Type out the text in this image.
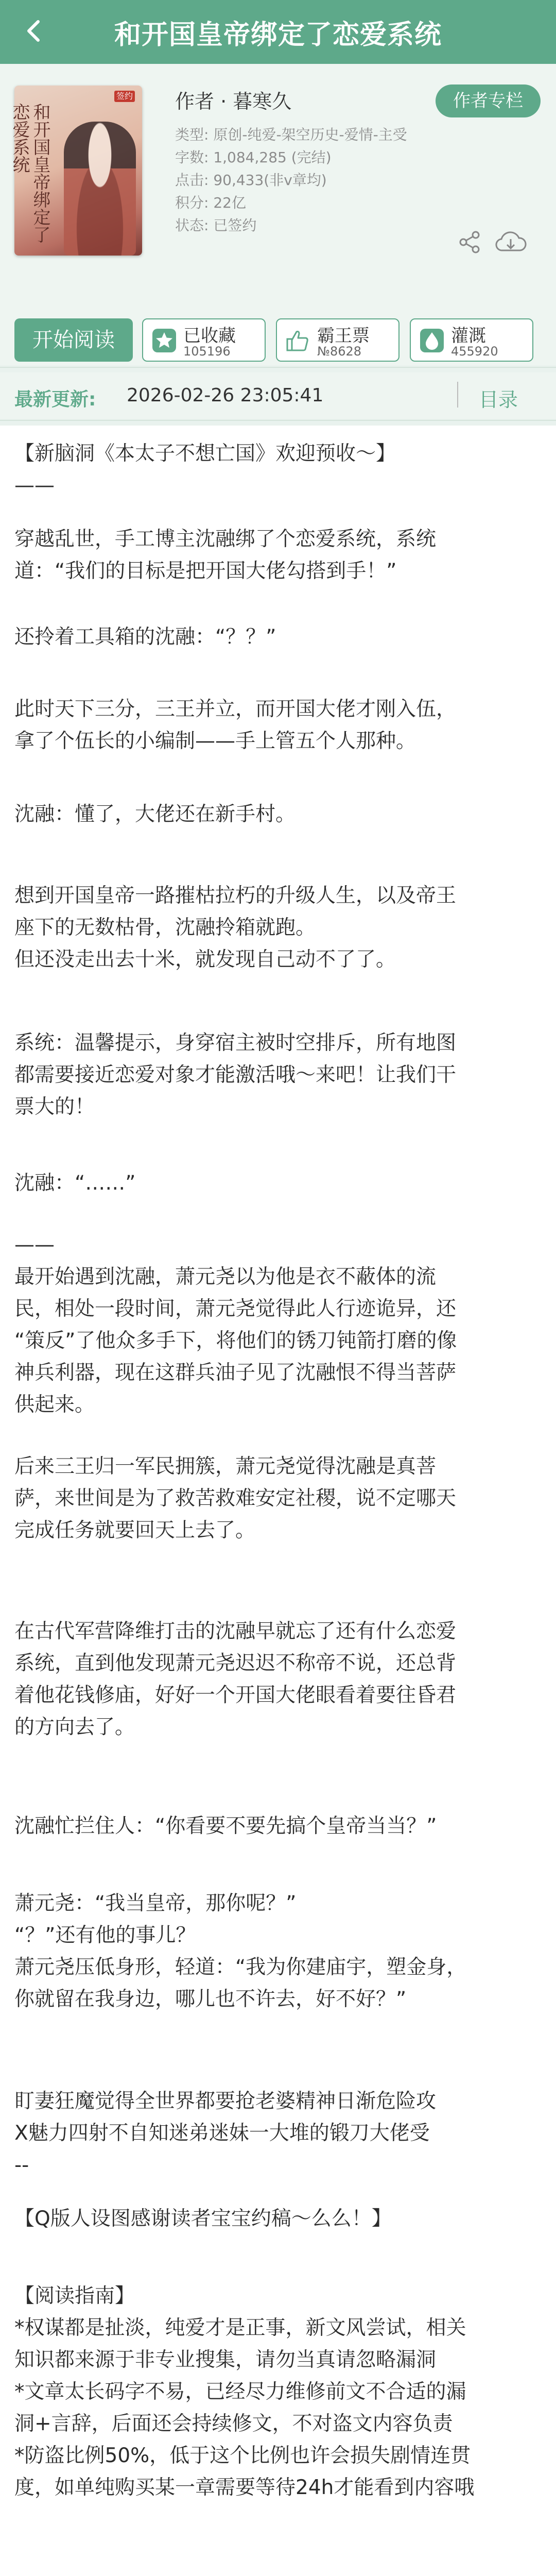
和开国皇帝绑定了恋爱系统
签约
和开国皇帝绑定了恋爱系统
作者 · 暮寒久	作者专栏
类型: 原创-纯爱-架空历史-爱情-主受
字数: 1,084,285 (完结)
点击: 90,433(非v章均)
积分: 22亿
状态: 已签约
开始阅读	已收藏
105196
霸王票
№8628
灌溉
455920
最新更新: 2026-02-26 23:05:41	目录

【新脑洞《本太子不想亡国》欢迎预收～】

——

穿越乱世，手工博主沈融绑了个恋爱系统，系统
道：“我们的目标是把开国大佬勾搭到手！”

还拎着工具箱的沈融：“？？”

此时天下三分，三王并立，而开国大佬才刚入伍，
拿了个伍长的小编制——手上管五个人那种。

沈融：懂了，大佬还在新手村。

想到开国皇帝一路摧枯拉朽的升级人生，以及帝王
座下的无数枯骨，沈融拎箱就跑。
但还没走出去十米，就发现自己动不了了。

系统：温馨提示，身穿宿主被时空排斥，所有地图
都需要接近恋爱对象才能激活哦～来吧！让我们干
票大的！

沈融：“……”

——
最开始遇到沈融，萧元尧以为他是衣不蔽体的流
民，相处一段时间，萧元尧觉得此人行迹诡异，还
“策反”了他众多手下，将他们的锈刀钝箭打磨的像
神兵利器，现在这群兵油子见了沈融恨不得当菩萨
供起来。

后来三王归一军民拥簇，萧元尧觉得沈融是真菩
萨，来世间是为了救苦救难安定社稷，说不定哪天
完成任务就要回天上去了。

在古代军营降维打击的沈融早就忘了还有什么恋爱
系统，直到他发现萧元尧迟迟不称帝不说，还总背
着他花钱修庙，好好一个开国大佬眼看着要往昏君
的方向去了。

沈融忙拦住人：“你看要不要先搞个皇帝当当？”

萧元尧：“我当皇帝，那你呢？”
“？”还有他的事儿？
萧元尧压低身形，轻道：“我为你建庙宇，塑金身，
你就留在我身边，哪儿也不许去，好不好？”

盯妻狂魔觉得全世界都要抢老婆精神日渐危险攻
X魅力四射不自知迷弟迷妹一大堆的锻刀大佬受
--

【Q版人设图感谢读者宝宝约稿～么么！】

【阅读指南】
*权谋都是扯淡，纯爱才是正事，新文风尝试，相关
知识都来源于非专业搜集，请勿当真请忽略漏洞
*文章太长码字不易，已经尽力维修前文不合适的漏
洞+言辞，后面还会持续修文，不对盗文内容负责
*防盗比例50%，低于这个比例也许会损失剧情连贯
度，如单纯购买某一章需要等待24h才能看到内容哦
